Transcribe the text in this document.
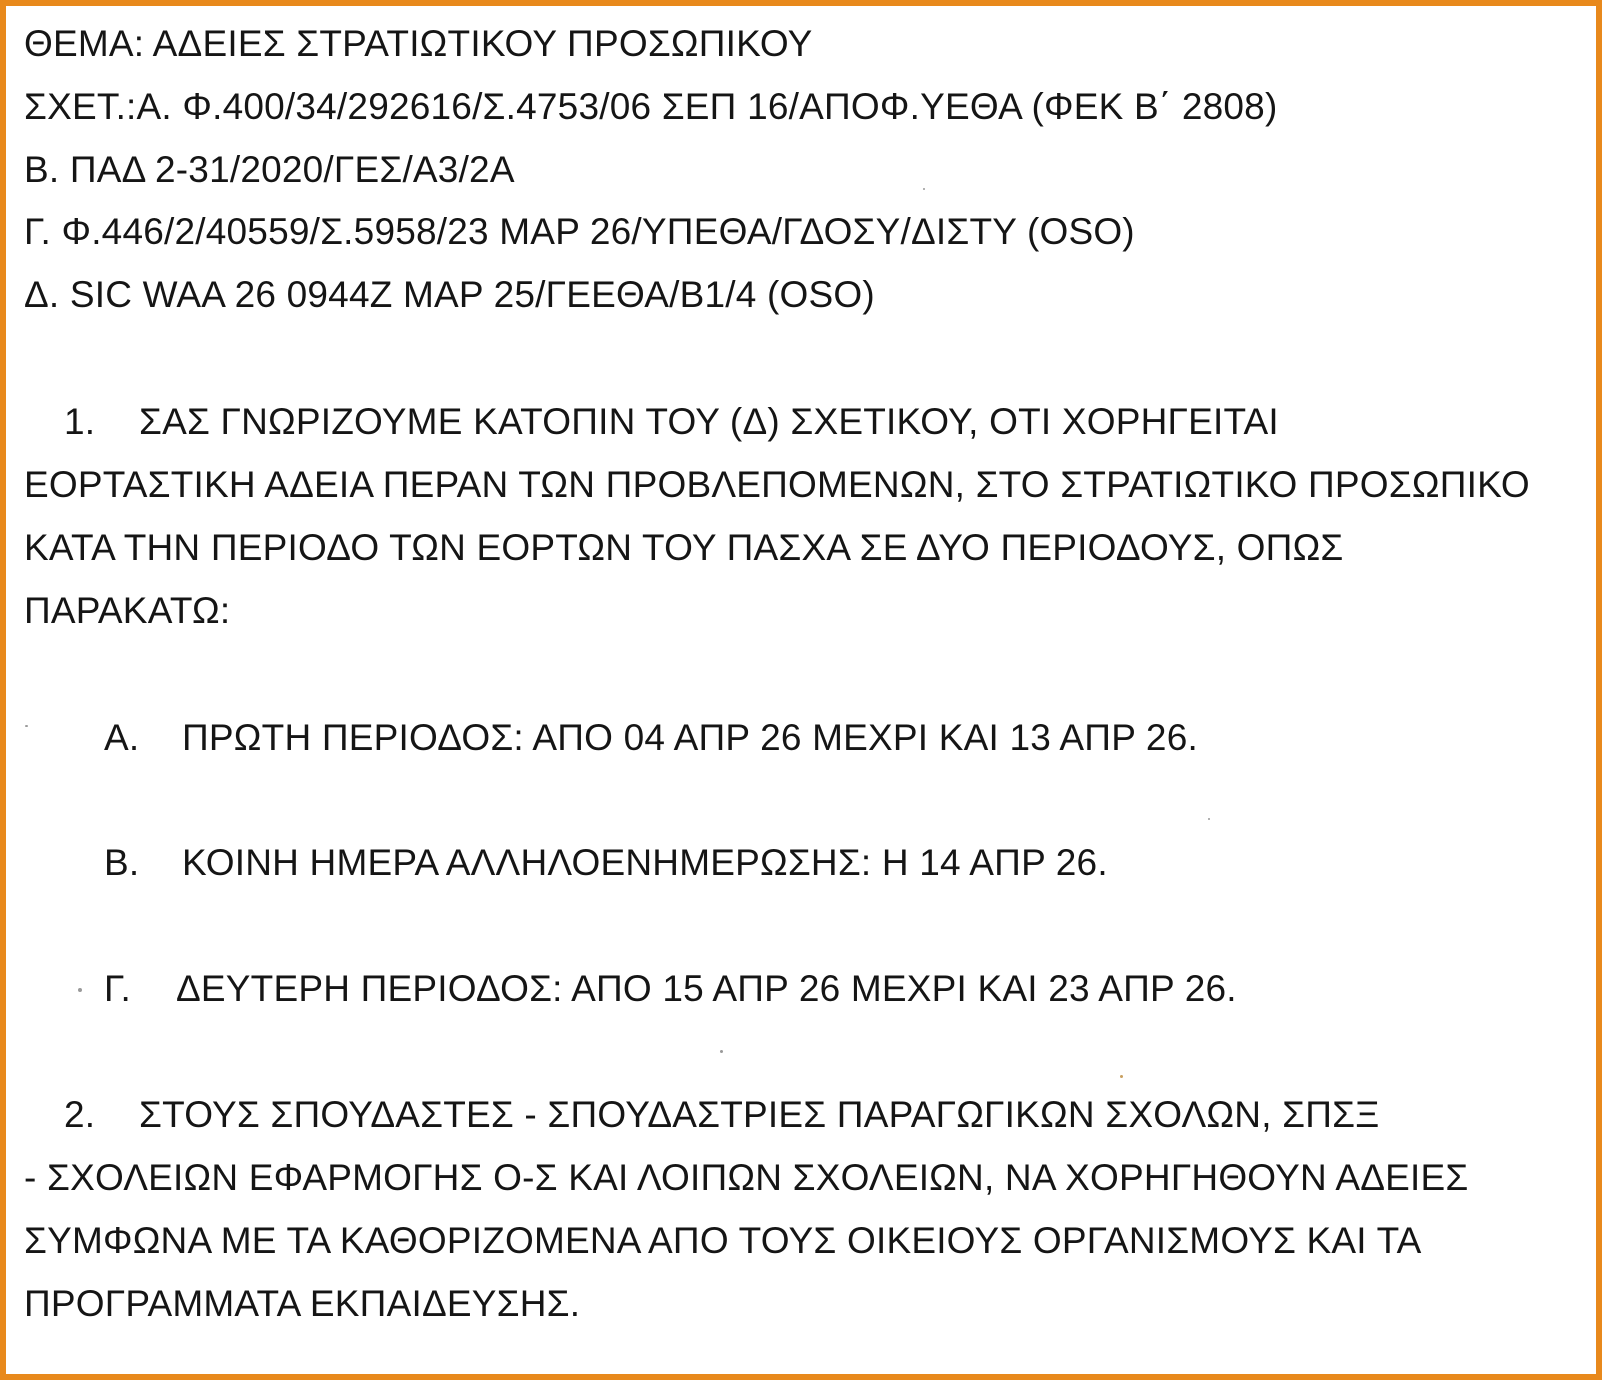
ΘΕΜΑ: ΑΔΕΙΕΣ ΣΤΡΑΤΙΩΤΙΚΟΥ ΠΡΟΣΩΠΙΚΟΥ
ΣΧΕΤ.:Α. Φ.400/34/292616/Σ.4753/06 ΣΕΠ 16/ΑΠΟΦ.ΥΕΘΑ (ΦΕΚ Β΄ 2808)
Β. ΠΑΔ 2-31/2020/ΓΕΣ/Α3/2Α
Γ. Φ.446/2/40559/Σ.5958/23 ΜΑΡ 26/ΥΠΕΘΑ/ΓΔΟΣΥ/ΔΙΣΤΥ (OSO)
Δ. SIC WAA 26 0944Z ΜΑΡ 25/ΓΕΕΘΑ/Β1/4 (OSO)
1. ΣΑΣ ΓΝΩΡΙΖΟΥΜΕ ΚΑΤΟΠΙΝ ΤΟΥ (Δ) ΣΧΕΤΙΚΟΥ, ΟΤΙ ΧΟΡΗΓΕΙΤΑΙ
ΕΟΡΤΑΣΤΙΚΗ ΑΔΕΙΑ ΠΕΡΑΝ ΤΩΝ ΠΡΟΒΛΕΠΟΜΕΝΩΝ, ΣΤΟ ΣΤΡΑΤΙΩΤΙΚΟ ΠΡΟΣΩΠΙΚΟ
ΚΑΤΑ ΤΗΝ ΠΕΡΙΟΔΟ ΤΩΝ ΕΟΡΤΩΝ ΤΟΥ ΠΑΣΧΑ ΣΕ ΔΥΟ ΠΕΡΙΟΔΟΥΣ, ΟΠΩΣ
ΠΑΡΑΚΑΤΩ:
Α. ΠΡΩΤΗ ΠΕΡΙΟΔΟΣ: ΑΠΟ 04 ΑΠΡ 26 ΜΕΧΡΙ ΚΑΙ 13 ΑΠΡ 26.
Β. ΚΟΙΝΗ ΗΜΕΡΑ ΑΛΛΗΛΟΕΝΗΜΕΡΩΣΗΣ: Η 14 ΑΠΡ 26.
Γ. ΔΕΥΤΕΡΗ ΠΕΡΙΟΔΟΣ: ΑΠΟ 15 ΑΠΡ 26 ΜΕΧΡΙ ΚΑΙ 23 ΑΠΡ 26.
2. ΣΤΟΥΣ ΣΠΟΥΔΑΣΤΕΣ - ΣΠΟΥΔΑΣΤΡΙΕΣ ΠΑΡΑΓΩΓΙΚΩΝ ΣΧΟΛΩΝ, ΣΠΣΞ
- ΣΧΟΛΕΙΩΝ ΕΦΑΡΜΟΓΗΣ Ο-Σ ΚΑΙ ΛΟΙΠΩΝ ΣΧΟΛΕΙΩΝ, ΝΑ ΧΟΡΗΓΗΘΟΥΝ ΑΔΕΙΕΣ
ΣΥΜΦΩΝΑ ΜΕ ΤΑ ΚΑΘΟΡΙΖΟΜΕΝΑ ΑΠΟ ΤΟΥΣ ΟΙΚΕΙΟΥΣ ΟΡΓΑΝΙΣΜΟΥΣ ΚΑΙ ΤΑ
ΠΡΟΓΡΑΜΜΑΤΑ ΕΚΠΑΙΔΕΥΣΗΣ.
